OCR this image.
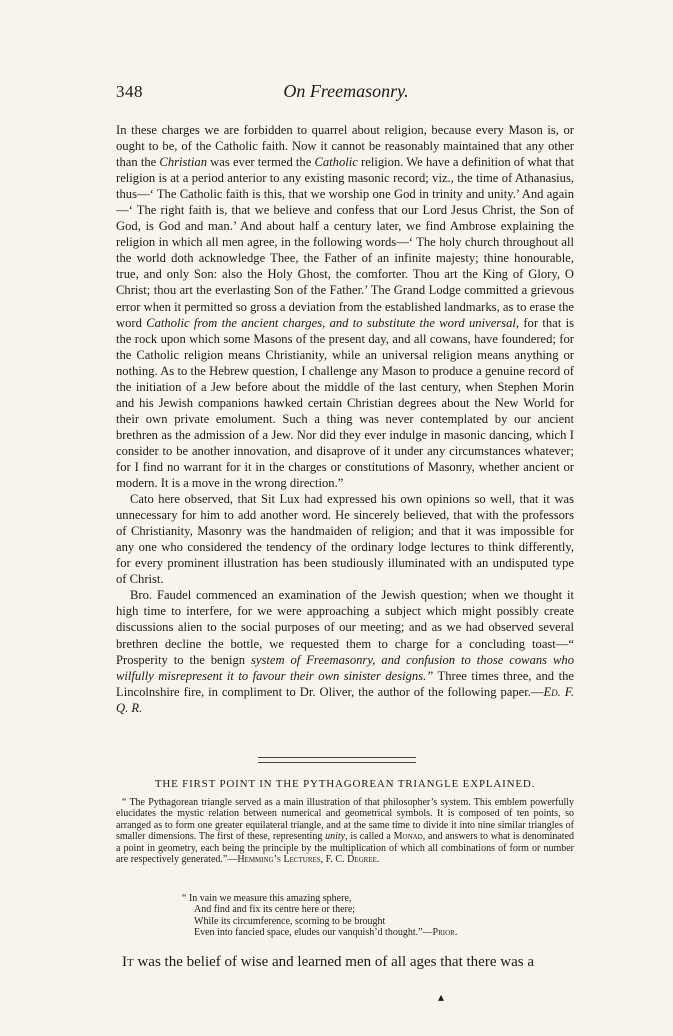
348	On Freemasonry.

In these charges we are forbidden to quarrel about religion, because every Mason is, or ought to be, of the Catholic faith. Now it cannot be reasonably maintained that any other than the Christian was ever termed the Catholic religion. We have a definition of what that religion is at a period anterior to any existing masonic record; viz., the time of Athanasius, thus—‘ The Catholic faith is this, that we worship one God in trinity and unity.’ And again—‘ The right faith is, that we believe and confess that our Lord Jesus Christ, the Son of God, is God and man.’ And about half a century later, we find Ambrose explaining the religion in which all men agree, in the following words—‘ The holy church throughout all the world doth acknowledge Thee, the Father of an infinite majesty; thine honourable, true, and only Son: also the Holy Ghost, the comforter. Thou art the King of Glory, O Christ; thou art the everlasting Son of the Father.’ The Grand Lodge committed a grievous error when it permitted so gross a deviation from the established landmarks, as to erase the word Catholic from the ancient charges, and to substitute the word universal, for that is the rock upon which some Masons of the present day, and all cowans, have foundered; for the Catholic religion means Christianity, while an universal religion means anything or nothing. As to the Hebrew question, I challenge any Mason to produce a genuine record of the initiation of a Jew before about the middle of the last century, when Stephen Morin and his Jewish companions hawked certain Christian degrees about the New World for their own private emolument. Such a thing was never contemplated by our ancient brethren as the admission of a Jew. Nor did they ever indulge in masonic dancing, which I consider to be another innovation, and disaprove of it under any circumstances whatever; for I find no warrant for it in the charges or constitutions of Masonry, whether ancient or modern. It is a move in the wrong direction.”

Cato here observed, that Sit Lux had expressed his own opinions so well, that it was unnecessary for him to add another word. He sincerely believed, that with the professors of Christianity, Masonry was the handmaiden of religion; and that it was impossible for any one who considered the tendency of the ordinary lodge lectures to think differently, for every prominent illustration has been studiously illuminated with an undisputed type of Christ.

Bro. Faudel commenced an examination of the Jewish question; when we thought it high time to interfere, for we were approaching a subject which might possibly create discussions alien to the social purposes of our meeting; and as we had observed several brethren decline the bottle, we requested them to charge for a concluding toast—“ Prosperity to the benign system of Freemasonry, and confusion to those cowans who wilfully misrepresent it to favour their own sinister designs.” Three times three, and the Lincolnshire fire, in compliment to Dr. Oliver, the author of the following paper.—Ed. F. Q. R.

THE FIRST POINT IN THE PYTHAGOREAN TRIANGLE EXPLAINED.

“ The Pythagorean triangle served as a main illustration of that philosopher’s system. This emblem powerfully elucidates the mystic relation between numerical and geometrical symbols. It is composed of ten points, so arranged as to form one greater equilateral triangle, and at the same time to divide it into nine similar triangles of smaller dimensions. The first of these, representing unity, is called a Monad, and answers to what is denominated a point in geometry, each being the principle by the multiplication of which all combinations of form or number are respectively generated.”—Hemming’s Lectures, F. C. Degree.

“ In vain we measure this amazing sphere,
And find and fix its centre here or there;
While its circumference, scorning to be brought
Even into fancied space, eludes our vanquish’d thought.”—Prior.
It was the belief of wise and learned men of all ages that there was a
▴
